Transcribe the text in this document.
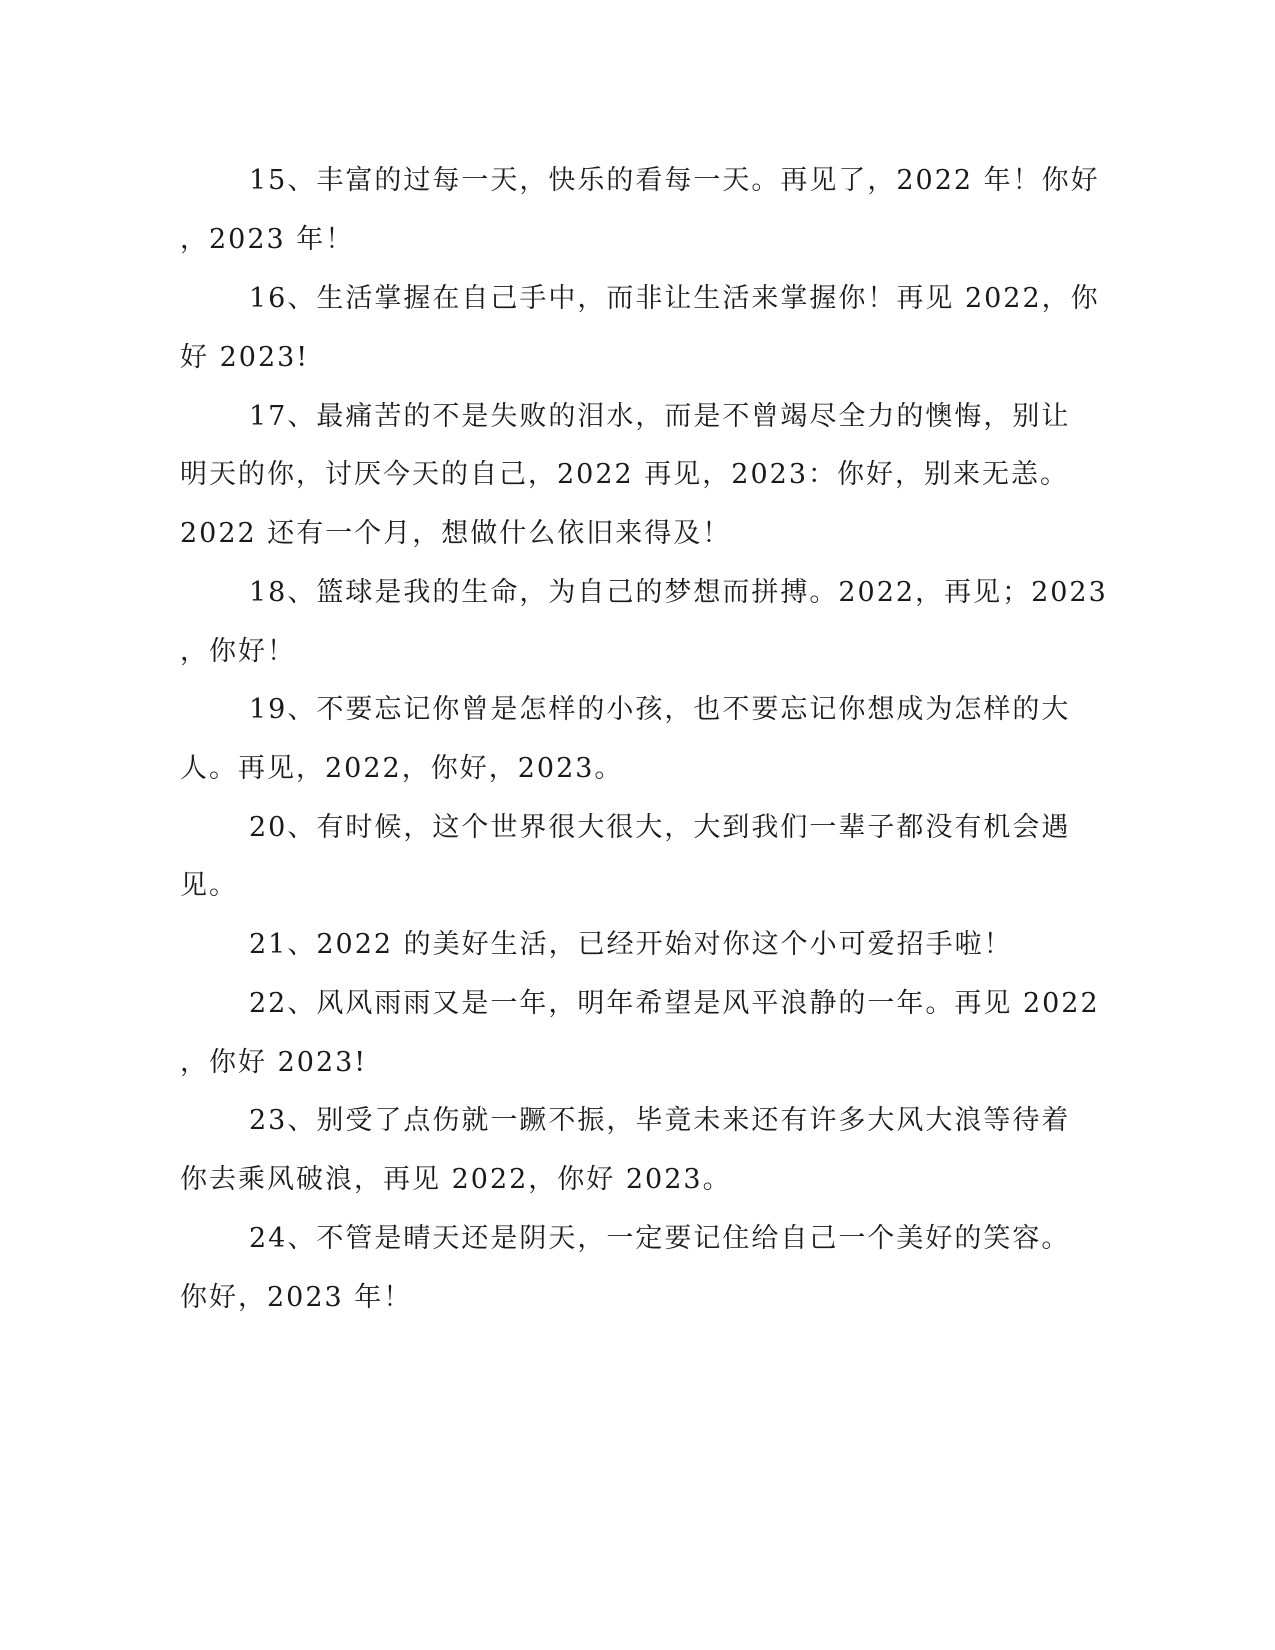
15、丰富的过每一天，快乐的看每一天。再见了，2022 年！你好
，2023 年！
16、生活掌握在自己手中，而非让生活来掌握你！再见 2022，你
好 2023!
17、最痛苦的不是失败的泪水，而是不曾竭尽全力的懊悔，别让
明天的你，讨厌今天的自己，2022 再见，2023：你好，别来无恙。
2022 还有一个月，想做什么依旧来得及！
18、篮球是我的生命，为自己的梦想而拼搏。2022，再见；2023
，你好！
19、不要忘记你曾是怎样的小孩，也不要忘记你想成为怎样的大
人。再见，2022，你好，2023。
20、有时候，这个世界很大很大，大到我们一辈子都没有机会遇
见。
21、2022 的美好生活，已经开始对你这个小可爱招手啦！
22、风风雨雨又是一年，明年希望是风平浪静的一年。再见 2022
，你好 2023!
23、别受了点伤就一蹶不振，毕竟未来还有许多大风大浪等待着
你去乘风破浪，再见 2022，你好 2023。
24、不管是晴天还是阴天，一定要记住给自己一个美好的笑容。
你好，2023 年！
